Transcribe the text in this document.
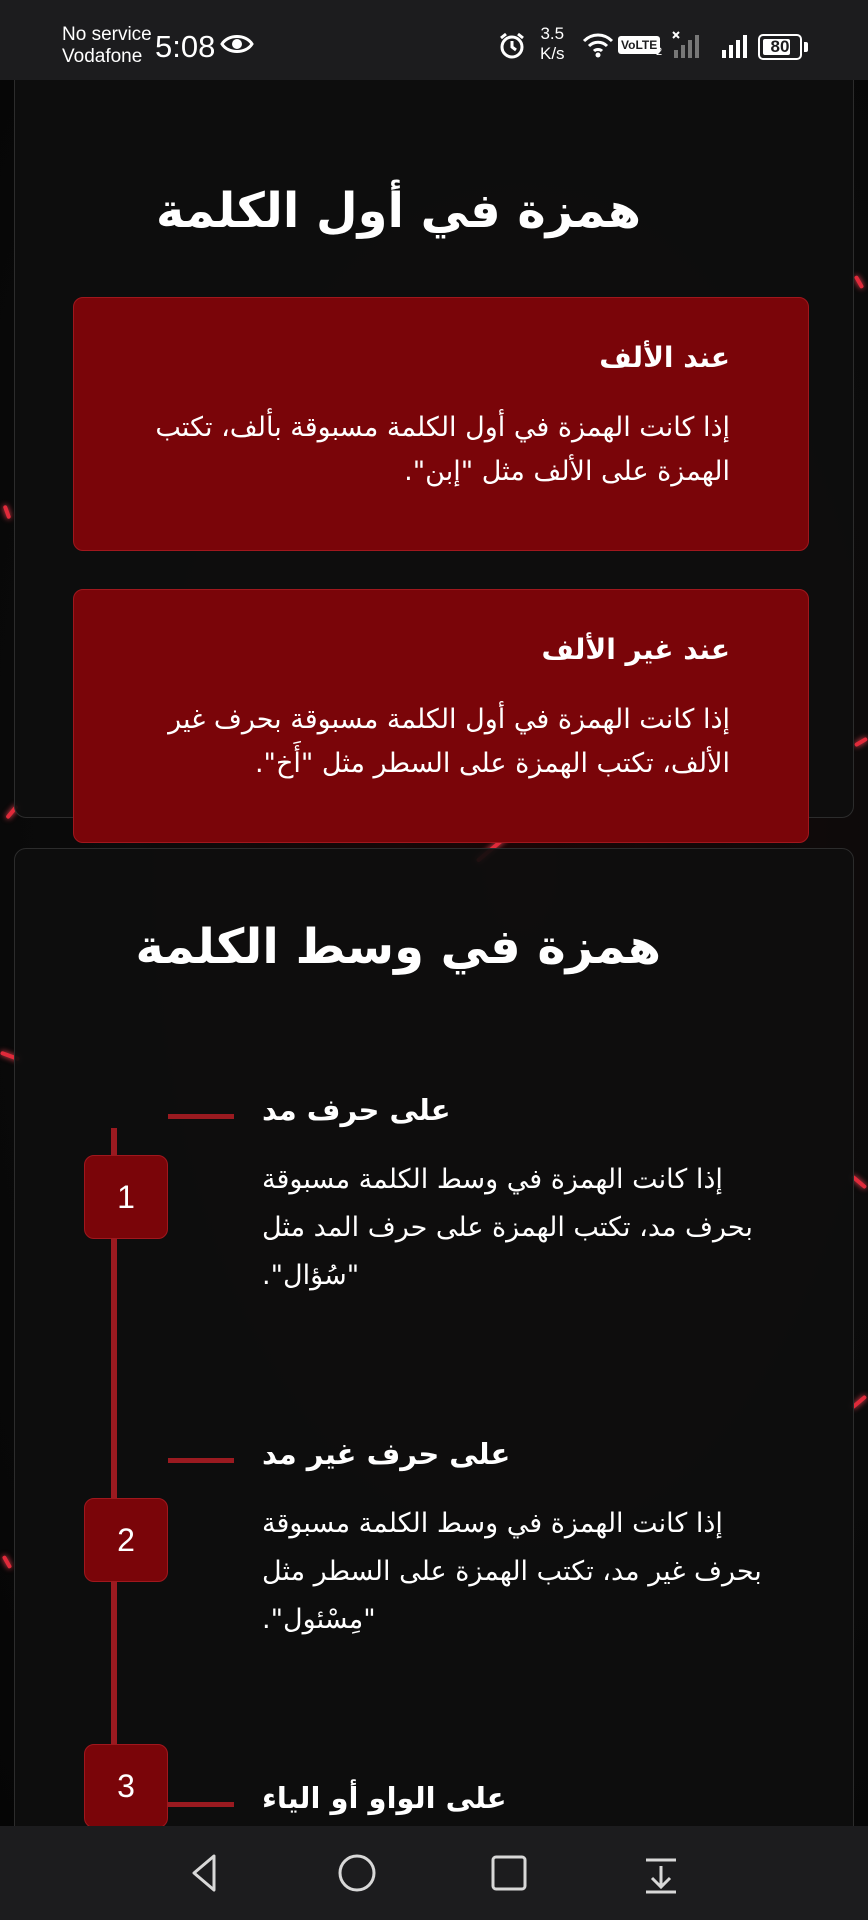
No service
Vodafone 5:08	3.5
K/s	VoLTE
2	80
همزة في أول الكلمة
عند الألف
إذا كانت الهمزة في أول الكلمة مسبوقة بألف، تكتب الهمزة على الألف مثل "إبن".
عند غير الألف
إذا كانت الهمزة في أول الكلمة مسبوقة بحرف غير الألف، تكتب الهمزة على السطر مثل "أَخ".
همزة في وسط الكلمة
1
على حرف مد
إذا كانت الهمزة في وسط الكلمة مسبوقة بحرف مد، تكتب الهمزة على حرف المد مثل "سُؤال".
2
على حرف غير مد
إذا كانت الهمزة في وسط الكلمة مسبوقة بحرف غير مد، تكتب الهمزة على السطر مثل "مِسْئول".
3	على الواو أو الياء
